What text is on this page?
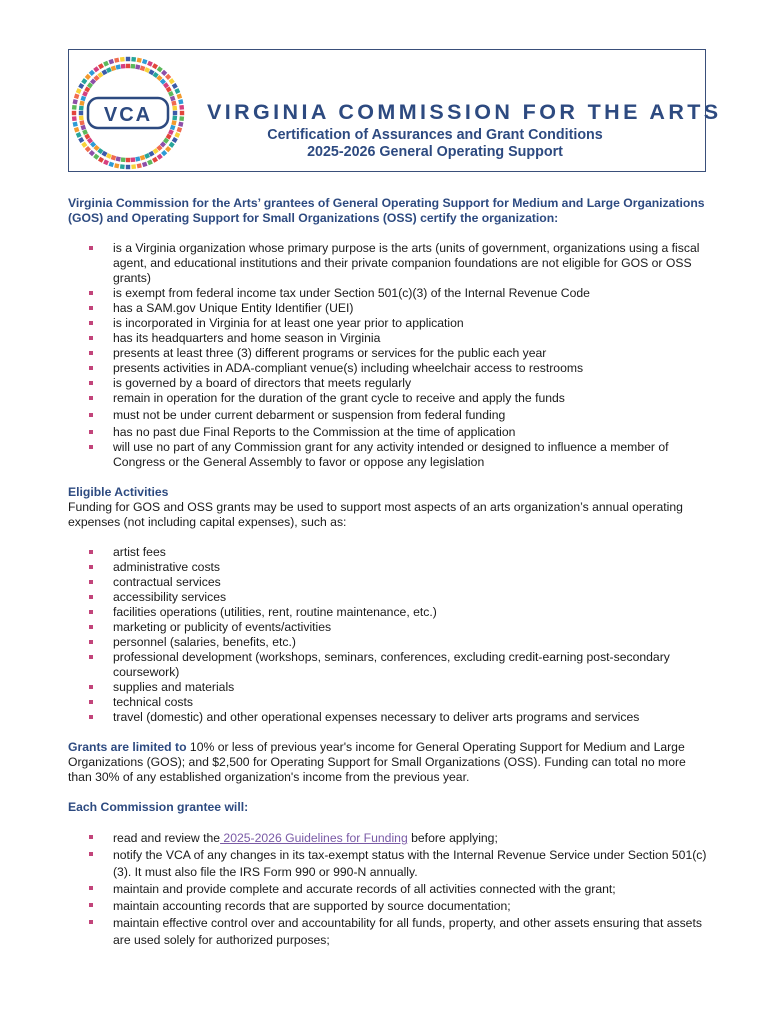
VCA	VIRGINIA COMMISSION FOR THE ARTS
Certification of Assurances and Grant Conditions
2025-2026 General Operating Support

Virginia Commission for the Arts’ grantees of General Operating Support for Medium and Large Organizations (GOS) and Operating Support for Small Organizations (OSS) certify the organization:

is a Virginia organization whose primary purpose is the arts (units of government, organizations using a fiscal agent, and educational institutions and their private companion foundations are not eligible for GOS or OSS grants)
is exempt from federal income tax under Section 501(c)(3) of the Internal Revenue Code
has a SAM.gov Unique Entity Identifier (UEI)
is incorporated in Virginia for at least one year prior to application
has its headquarters and home season in Virginia
presents at least three (3) different programs or services for the public each year
presents activities in ADA-compliant venue(s) including wheelchair access to restrooms
is governed by a board of directors that meets regularly
remain in operation for the duration of the grant cycle to receive and apply the funds
must not be under current debarment or suspension from federal funding
has no past due Final Reports to the Commission at the time of application
will use no part of any Commission grant for any activity intended or designed to influence a member of Congress or the General Assembly to favor or oppose any legislation

Eligible Activities

Funding for GOS and OSS grants may be used to support most aspects of an arts organization’s annual operating expenses (not including capital expenses), such as:

artist fees
administrative costs
contractual services
accessibility services
facilities operations (utilities, rent, routine maintenance, etc.)
marketing or publicity of events/activities
personnel (salaries, benefits, etc.)
professional development (workshops, seminars, conferences, excluding credit-earning post-secondary coursework)
supplies and materials
technical costs
travel (domestic) and other operational expenses necessary to deliver arts programs and services

Grants are limited to 10% or less of previous year's income for General Operating Support for Medium and Large Organizations (GOS); and $2,500 for Operating Support for Small Organizations (OSS). Funding can total no more than 30% of any established organization's income from the previous year.

Each Commission grantee will:

read and review the 2025-2026 Guidelines for Funding before applying;
notify the VCA of any changes in its tax-exempt status with the Internal Revenue Service under Section 501(c)(3). It must also file the IRS Form 990 or 990-N annually.
maintain and provide complete and accurate records of all activities connected with the grant;
maintain accounting records that are supported by source documentation;
maintain effective control over and accountability for all funds, property, and other assets ensuring that assets are used solely for authorized purposes;
